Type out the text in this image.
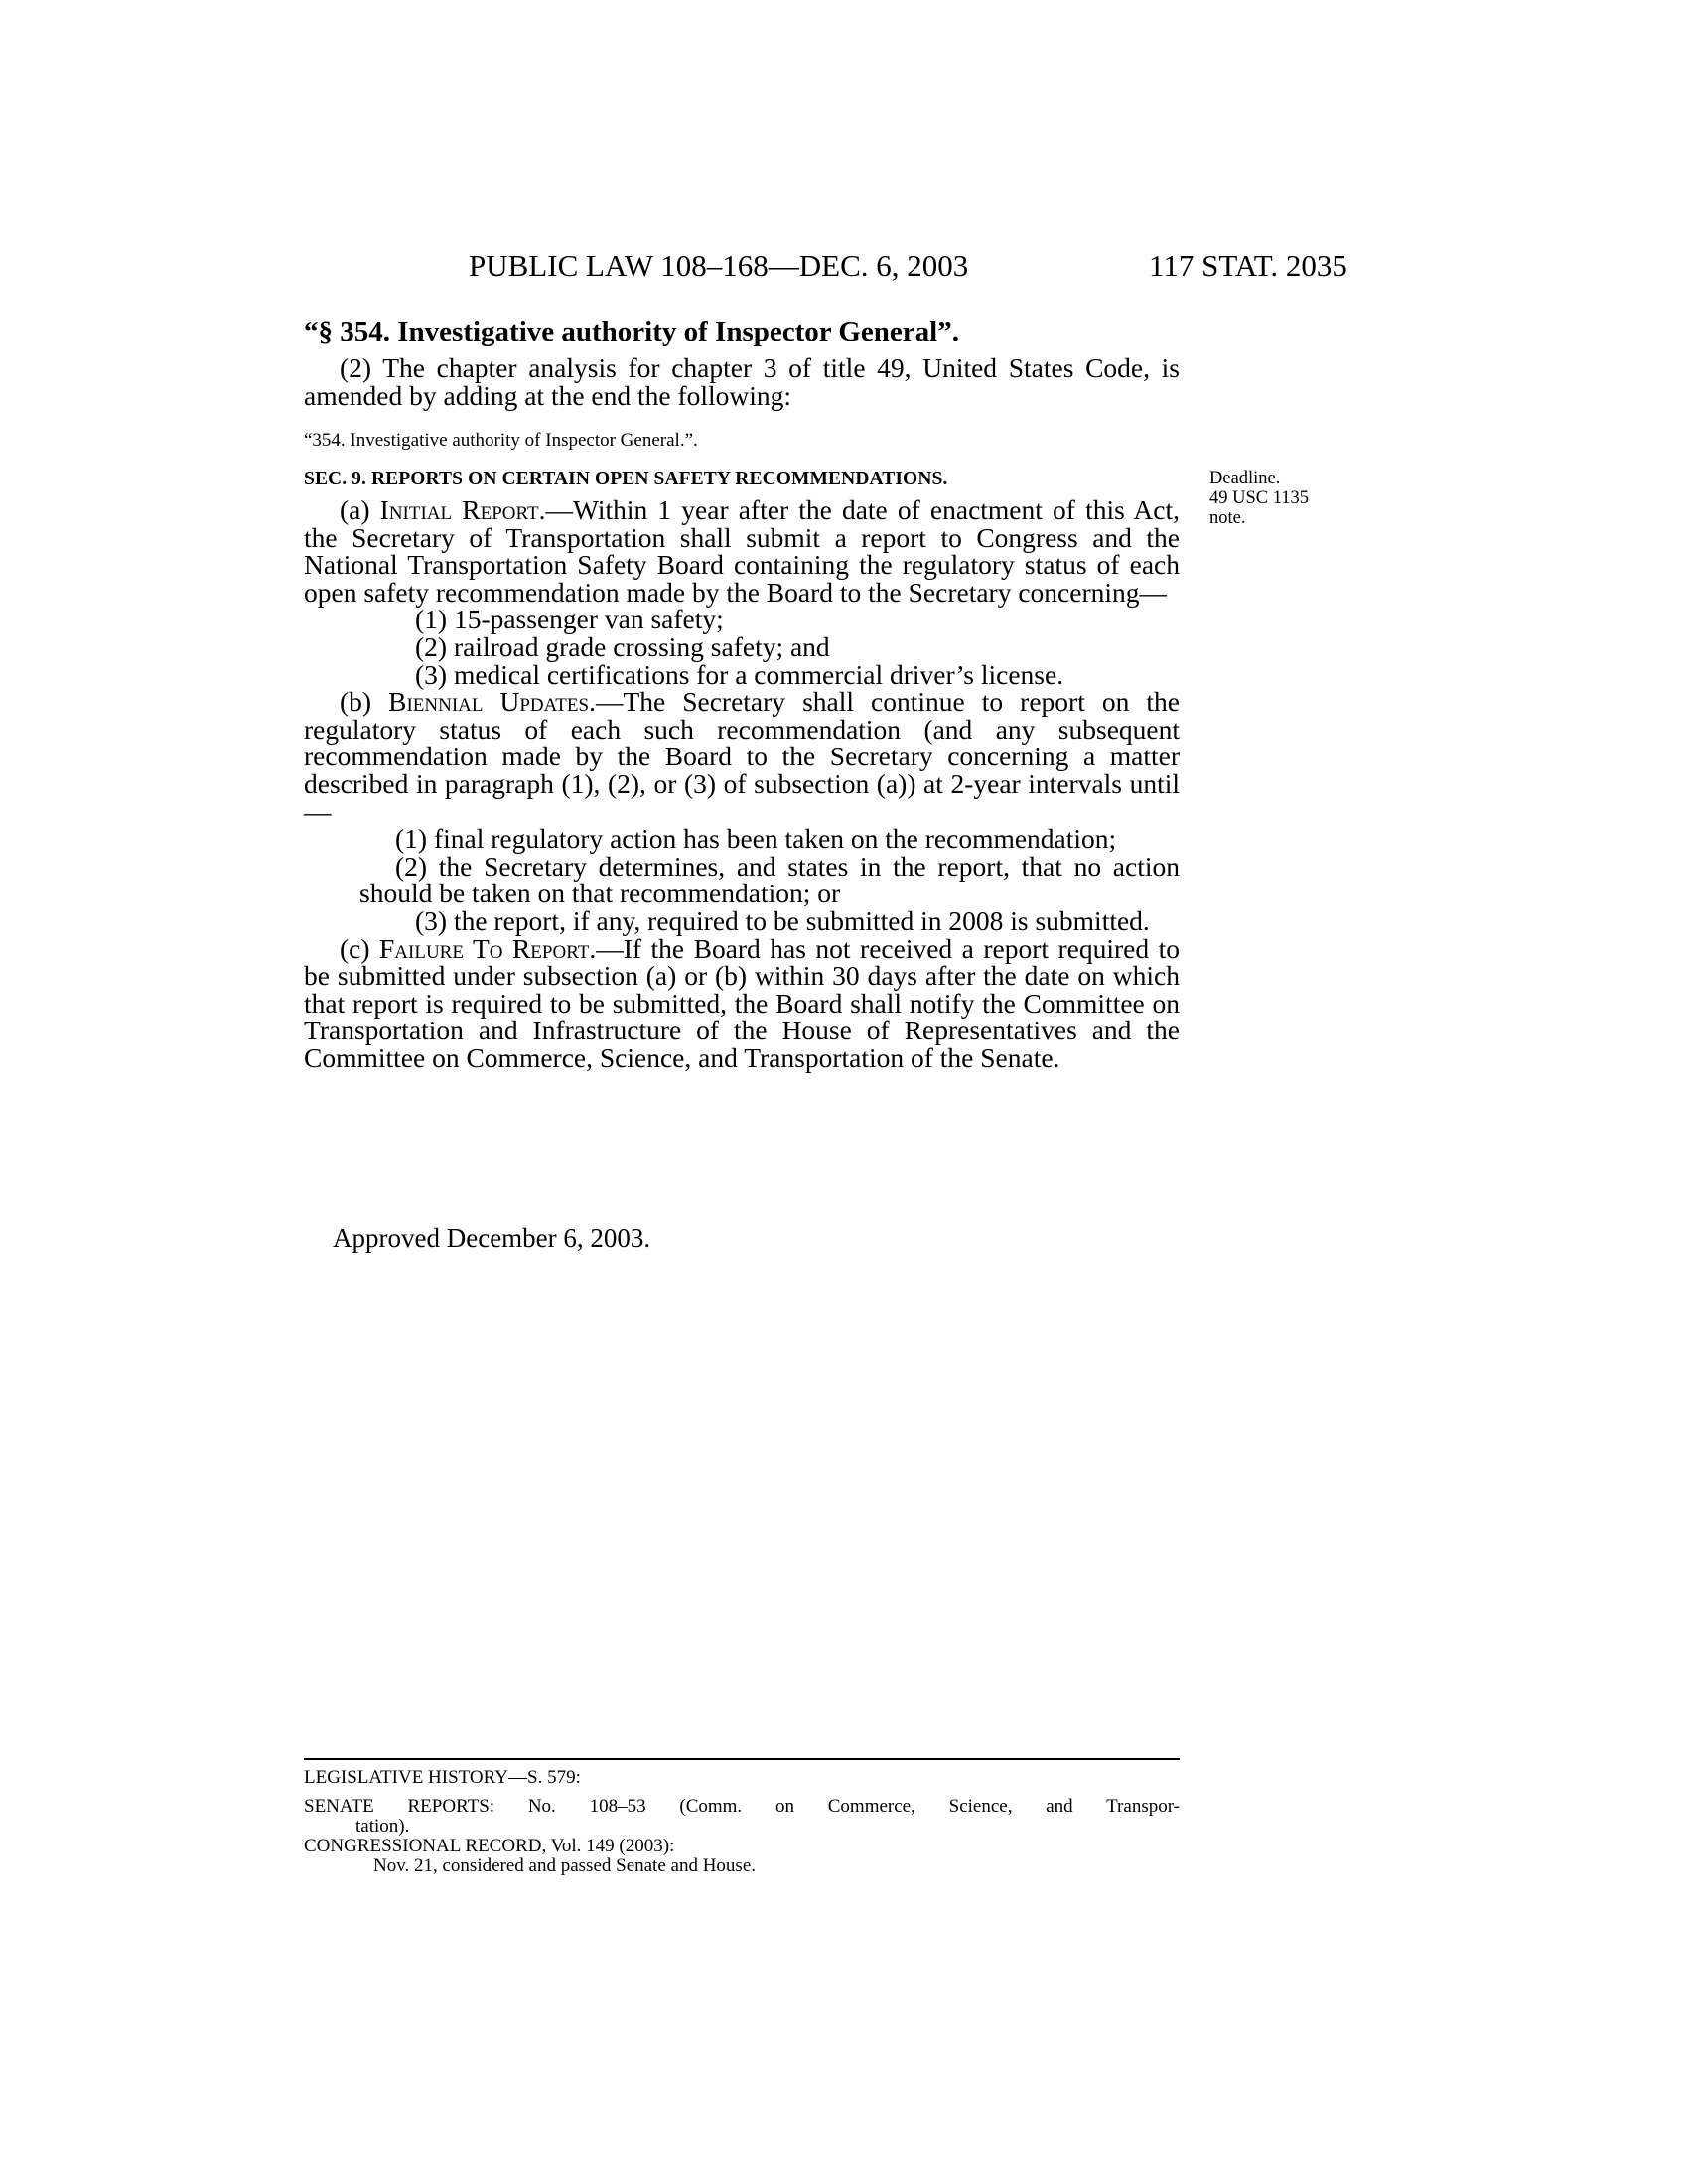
PUBLIC LAW 108–168—DEC. 6, 2003	117 STAT. 2035
“§ 354. Investigative authority of Inspector General”.

(2) The chapter analysis for chapter 3 of title 49, United States Code, is amended by adding at the end the following:

“354. Investigative authority of Inspector General.”.
SEC. 9. REPORTS ON CERTAIN OPEN SAFETY RECOMMENDATIONS.	Deadline.
49 USC 1135
note.

(a) Initial Report.—Within 1 year after the date of enactment of this Act, the Secretary of Transportation shall submit a report to Congress and the National Transportation Safety Board containing the regulatory status of each open safety recommendation made by the Board to the Secretary concerning—

(1) 15-passenger van safety;

(2) railroad grade crossing safety; and

(3) medical certifications for a commercial driver’s license.

(b) Biennial Updates.—The Secretary shall continue to report on the regulatory status of each such recommendation (and any subsequent recommendation made by the Board to the Secretary concerning a matter described in paragraph (1), (2), or (3) of subsection (a)) at 2-year intervals until—

(1) final regulatory action has been taken on the recommendation;

(2) the Secretary determines, and states in the report, that no action should be taken on that recommendation; or

(3) the report, if any, required to be submitted in 2008 is submitted.

(c) Failure To Report.—If the Board has not received a report required to be submitted under subsection (a) or (b) within 30 days after the date on which that report is required to be submitted, the Board shall notify the Committee on Transportation and Infrastructure of the House of Representatives and the Committee on Commerce, Science, and Transportation of the Senate.

Approved December 6, 2003.

LEGISLATIVE HISTORY—S. 579:

SENATE REPORTS: No. 108–53 (Comm. on Commerce, Science, and Transpor-

tation).

CONGRESSIONAL RECORD, Vol. 149 (2003):

Nov. 21, considered and passed Senate and House.
